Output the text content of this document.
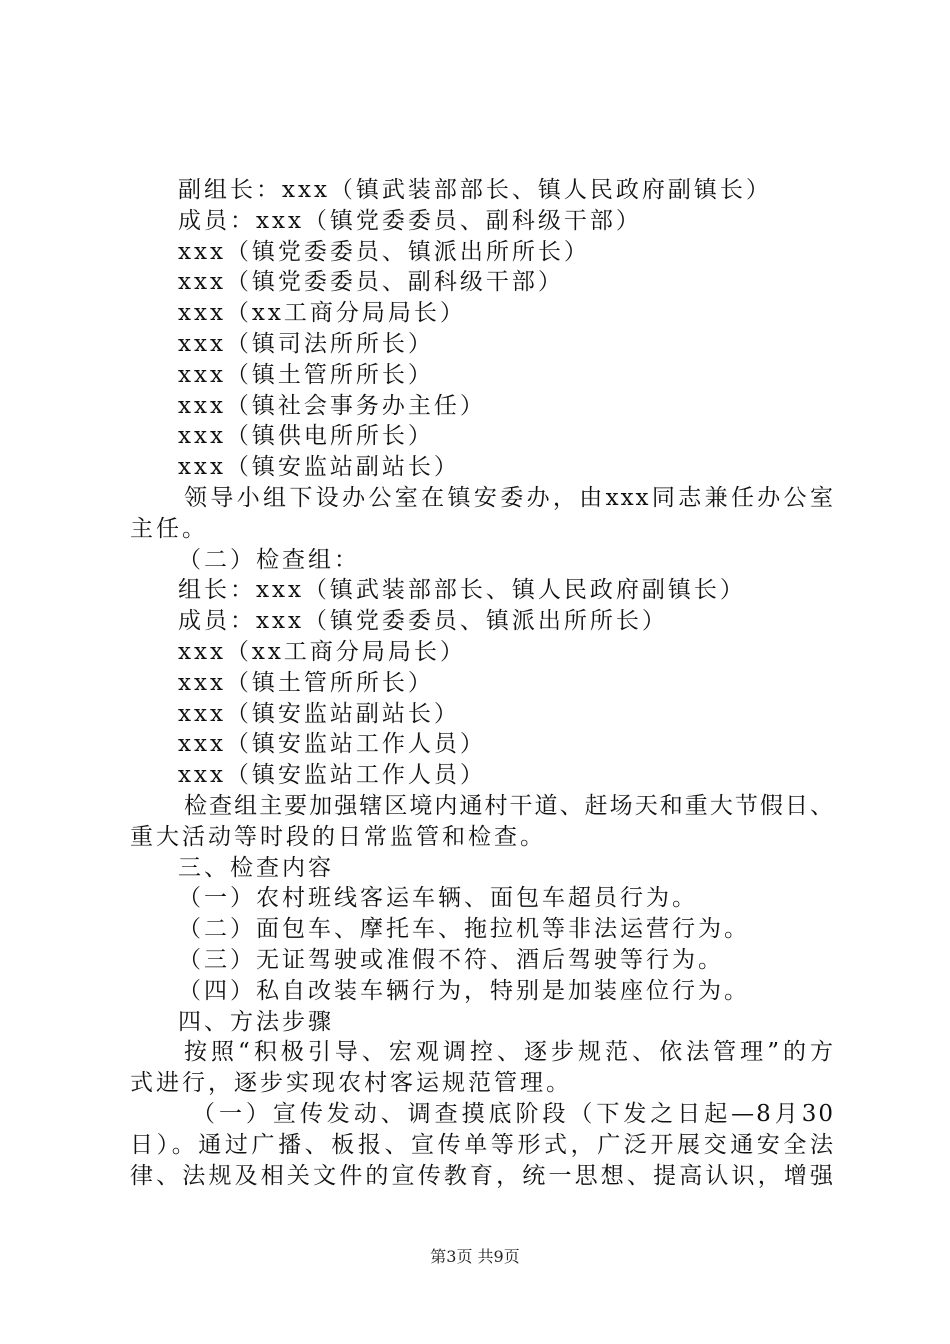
副组长：xxx（镇武装部部长、镇人民政府副镇长）
成员：xxx（镇党委委员、副科级干部）
xxx（镇党委委员、镇派出所所长）
xxx（镇党委委员、副科级干部）
xxx（xx工商分局局长）
xxx（镇司法所所长）
xxx（镇土管所所长）
xxx（镇社会事务办主任）
xxx（镇供电所所长）
xxx（镇安监站副站长）
领导小组下设办公室在镇安委办，由xxx同志兼任办公室
主任。
（二）检查组：
组长：xxx（镇武装部部长、镇人民政府副镇长）
成员：xxx（镇党委委员、镇派出所所长）
xxx（xx工商分局局长）
xxx（镇土管所所长）
xxx（镇安监站副站长）
xxx（镇安监站工作人员）
xxx（镇安监站工作人员）
检查组主要加强辖区境内通村干道、赶场天和重大节假日、
重大活动等时段的日常监管和检查。
三、检查内容
（一）农村班线客运车辆、面包车超员行为。
（二）面包车、摩托车、拖拉机等非法运营行为。
（三）无证驾驶或准假不符、酒后驾驶等行为。
（四）私自改装车辆行为，特别是加装座位行为。
四、方法步骤
按照“积极引导、宏观调控、逐步规范、依法管理”的方
式进行，逐步实现农村客运规范管理。
（一）宣传发动、调查摸底阶段（下发之日起—8月30
日）。通过广播、板报、宣传单等形式，广泛开展交通安全法
律、法规及相关文件的宣传教育，统一思想、提高认识，增强
第3页 共9页
